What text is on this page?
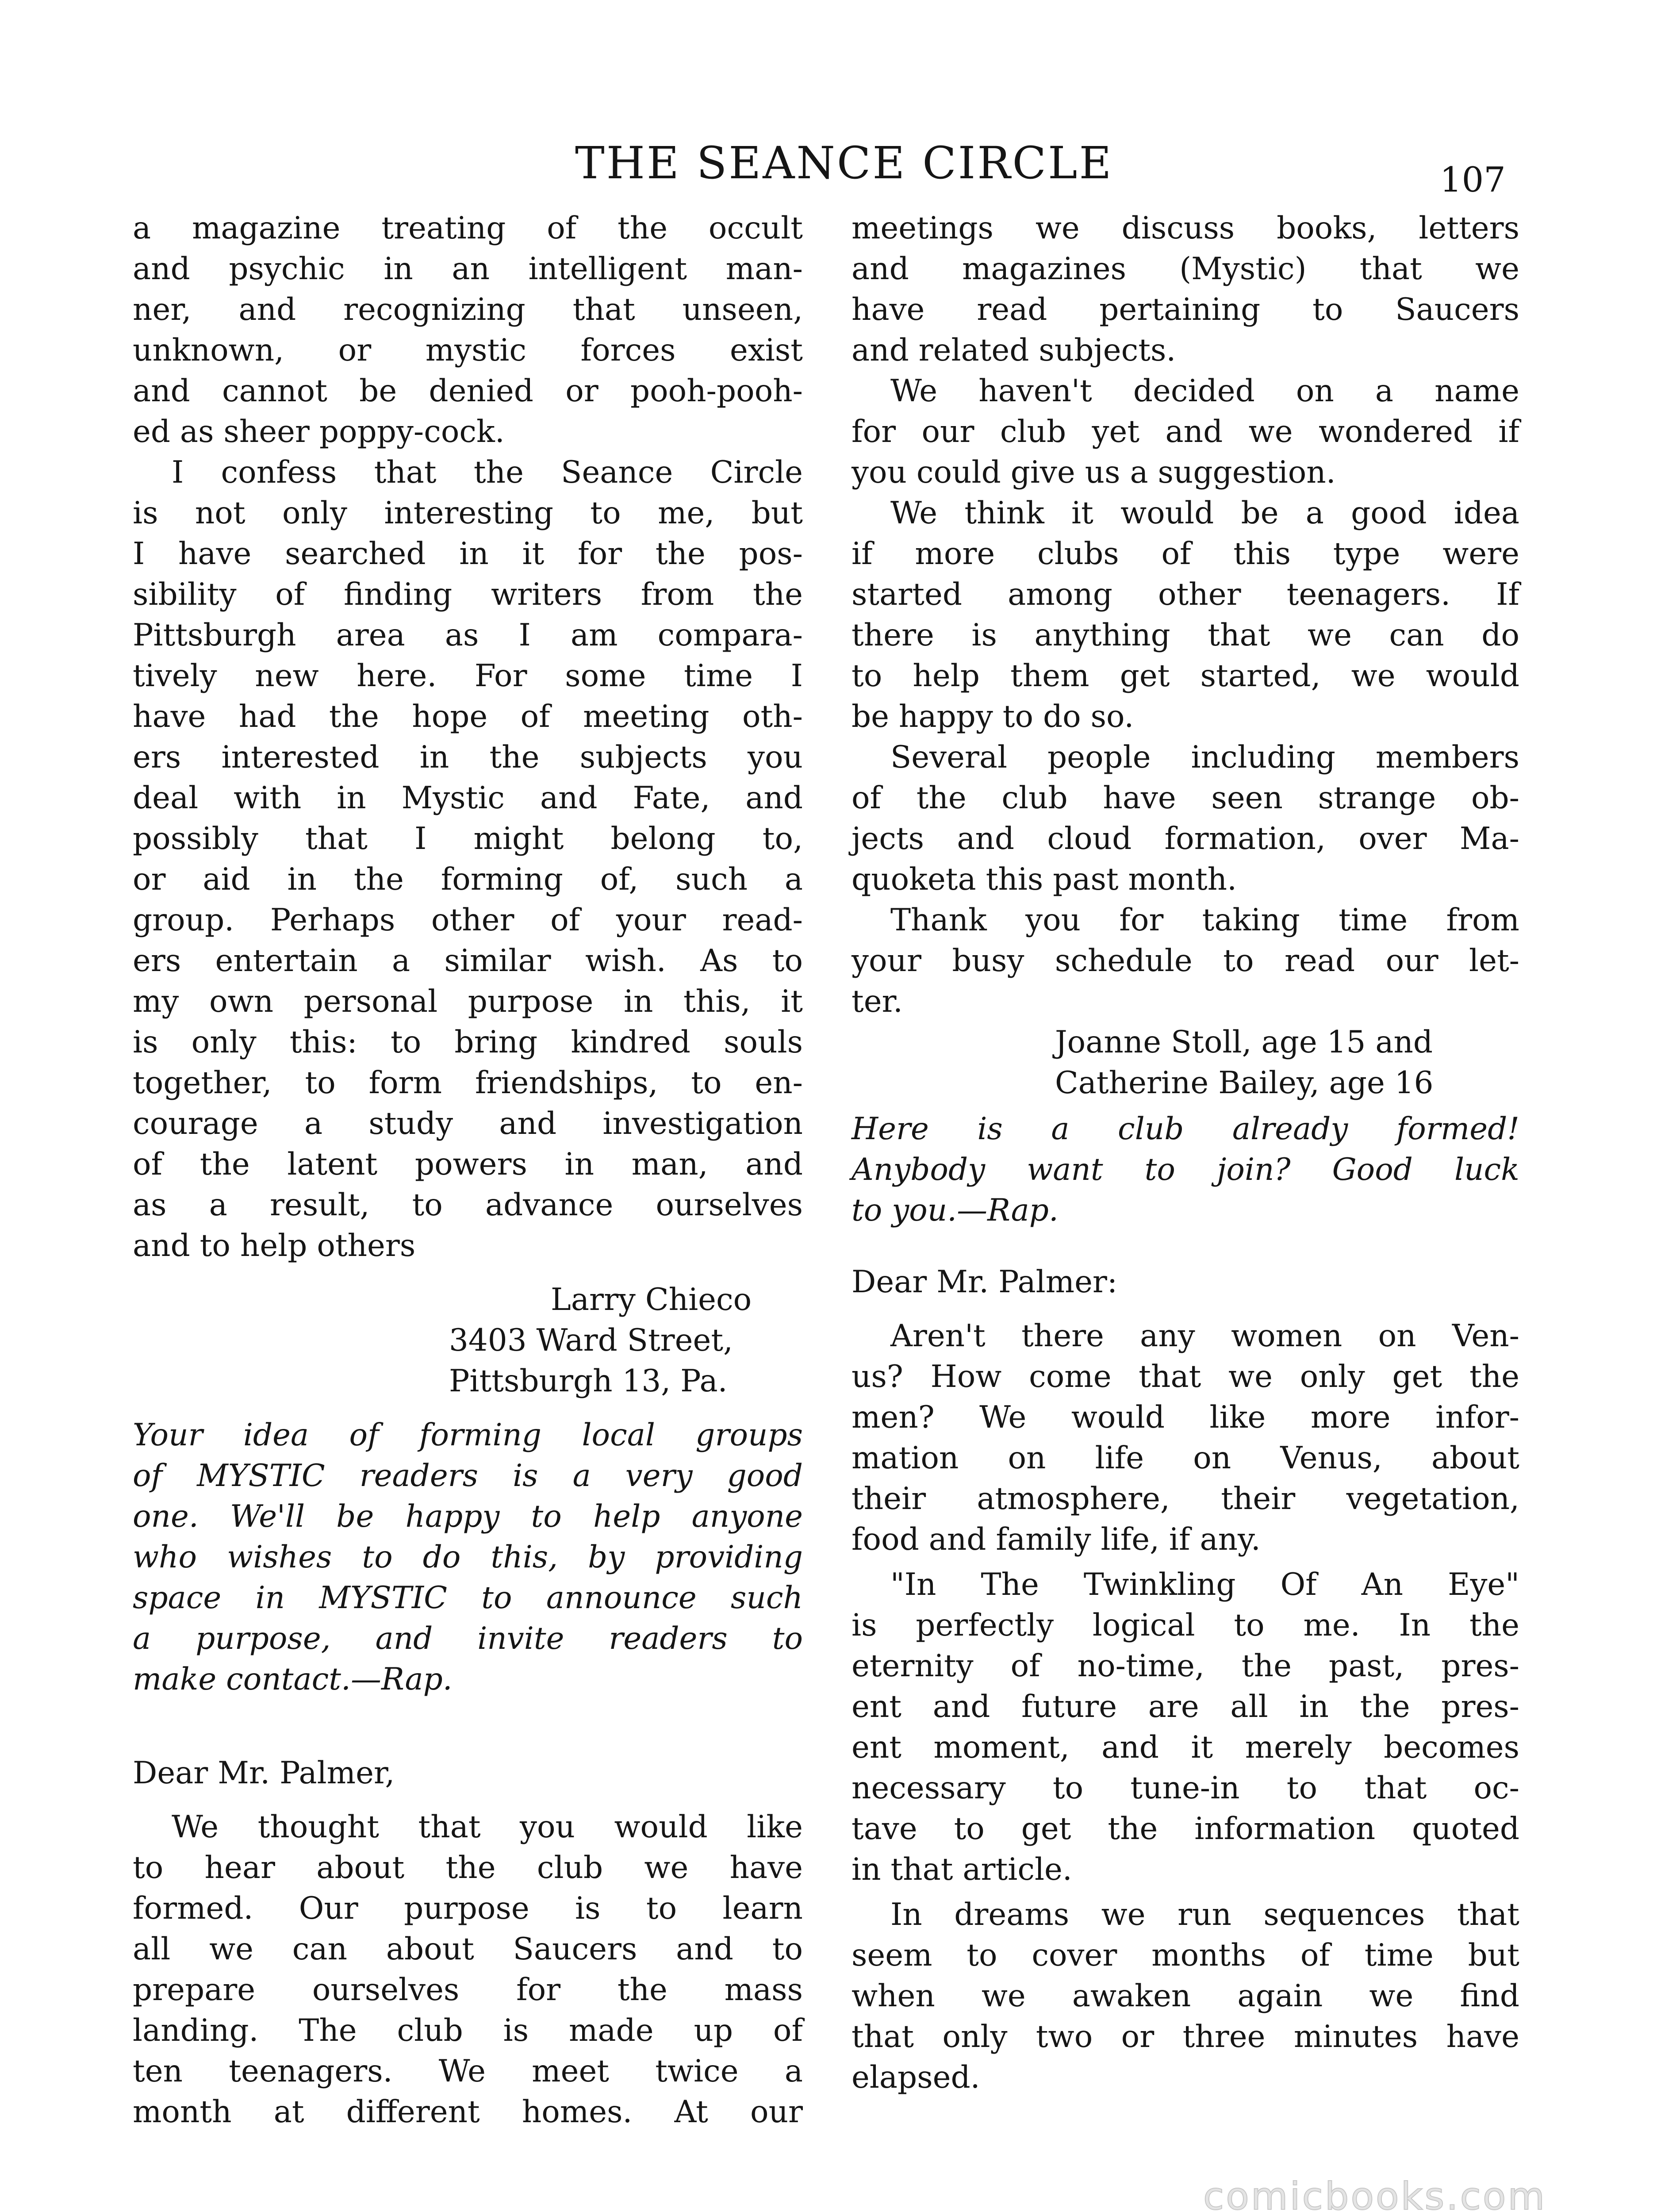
THE SEANCE CIRCLE	107
a magazine treating of the occult
and psychic in an intelligent man-
ner, and recognizing that unseen,
unknown, or mystic forces exist
and cannot be denied or pooh-pooh-
ed as sheer poppy-cock.
I confess that the Seance Circle
is not only interesting to me, but
I have searched in it for the pos-
sibility of finding writers from the
Pittsburgh area as I am compara-
tively new here. For some time I
have had the hope of meeting oth-
ers interested in the subjects you
deal with in Mystic and Fate, and
possibly that I might belong to,
or aid in the forming of, such a
group. Perhaps other of your read-
ers entertain a similar wish. As to
my own personal purpose in this, it
is only this: to bring kindred souls
together, to form friendships, to en-
courage a study and investigation
of the latent powers in man, and
as a result, to advance ourselves
and to help others
Larry Chieco
3403 Ward Street,
Pittsburgh 13, Pa.
Your idea of forming local groups
of MYSTIC readers is a very good
one. We'll be happy to help anyone
who wishes to do this, by providing
space in MYSTIC to announce such
a purpose, and invite readers to
make contact.—Rap.
Dear Mr. Palmer,
We thought that you would like
to hear about the club we have
formed. Our purpose is to learn
all we can about Saucers and to
prepare ourselves for the mass
landing. The club is made up of
ten teenagers. We meet twice a
month at different homes. At our
meetings we discuss books, letters
and magazines (Mystic) that we
have read pertaining to Saucers
and related subjects.
We haven't decided on a name
for our club yet and we wondered if
you could give us a suggestion.
We think it would be a good idea
if more clubs of this type were
started among other teenagers. If
there is anything that we can do
to help them get started, we would
be happy to do so.
Several people including members
of the club have seen strange ob-
jects and cloud formation, over Ma-
quoketa this past month.
Thank you for taking time from
your busy schedule to read our let-
ter.
Joanne Stoll, age 15 and
Catherine Bailey, age 16
Here is a club already formed!
Anybody want to join? Good luck
to you.—Rap.
Dear Mr. Palmer:
Aren't there any women on Ven-
us? How come that we only get the
men? We would like more infor-
mation on life on Venus, about
their atmosphere, their vegetation,
food and family life, if any.
"In The Twinkling Of An Eye"
is perfectly logical to me. In the
eternity of no-time, the past, pres-
ent and future are all in the pres-
ent moment, and it merely becomes
necessary to tune-in to that oc-
tave to get the information quoted
in that article.
In dreams we run sequences that
seem to cover months of time but
when we awaken again we find
that only two or three minutes have
elapsed.
comicbooks.com
